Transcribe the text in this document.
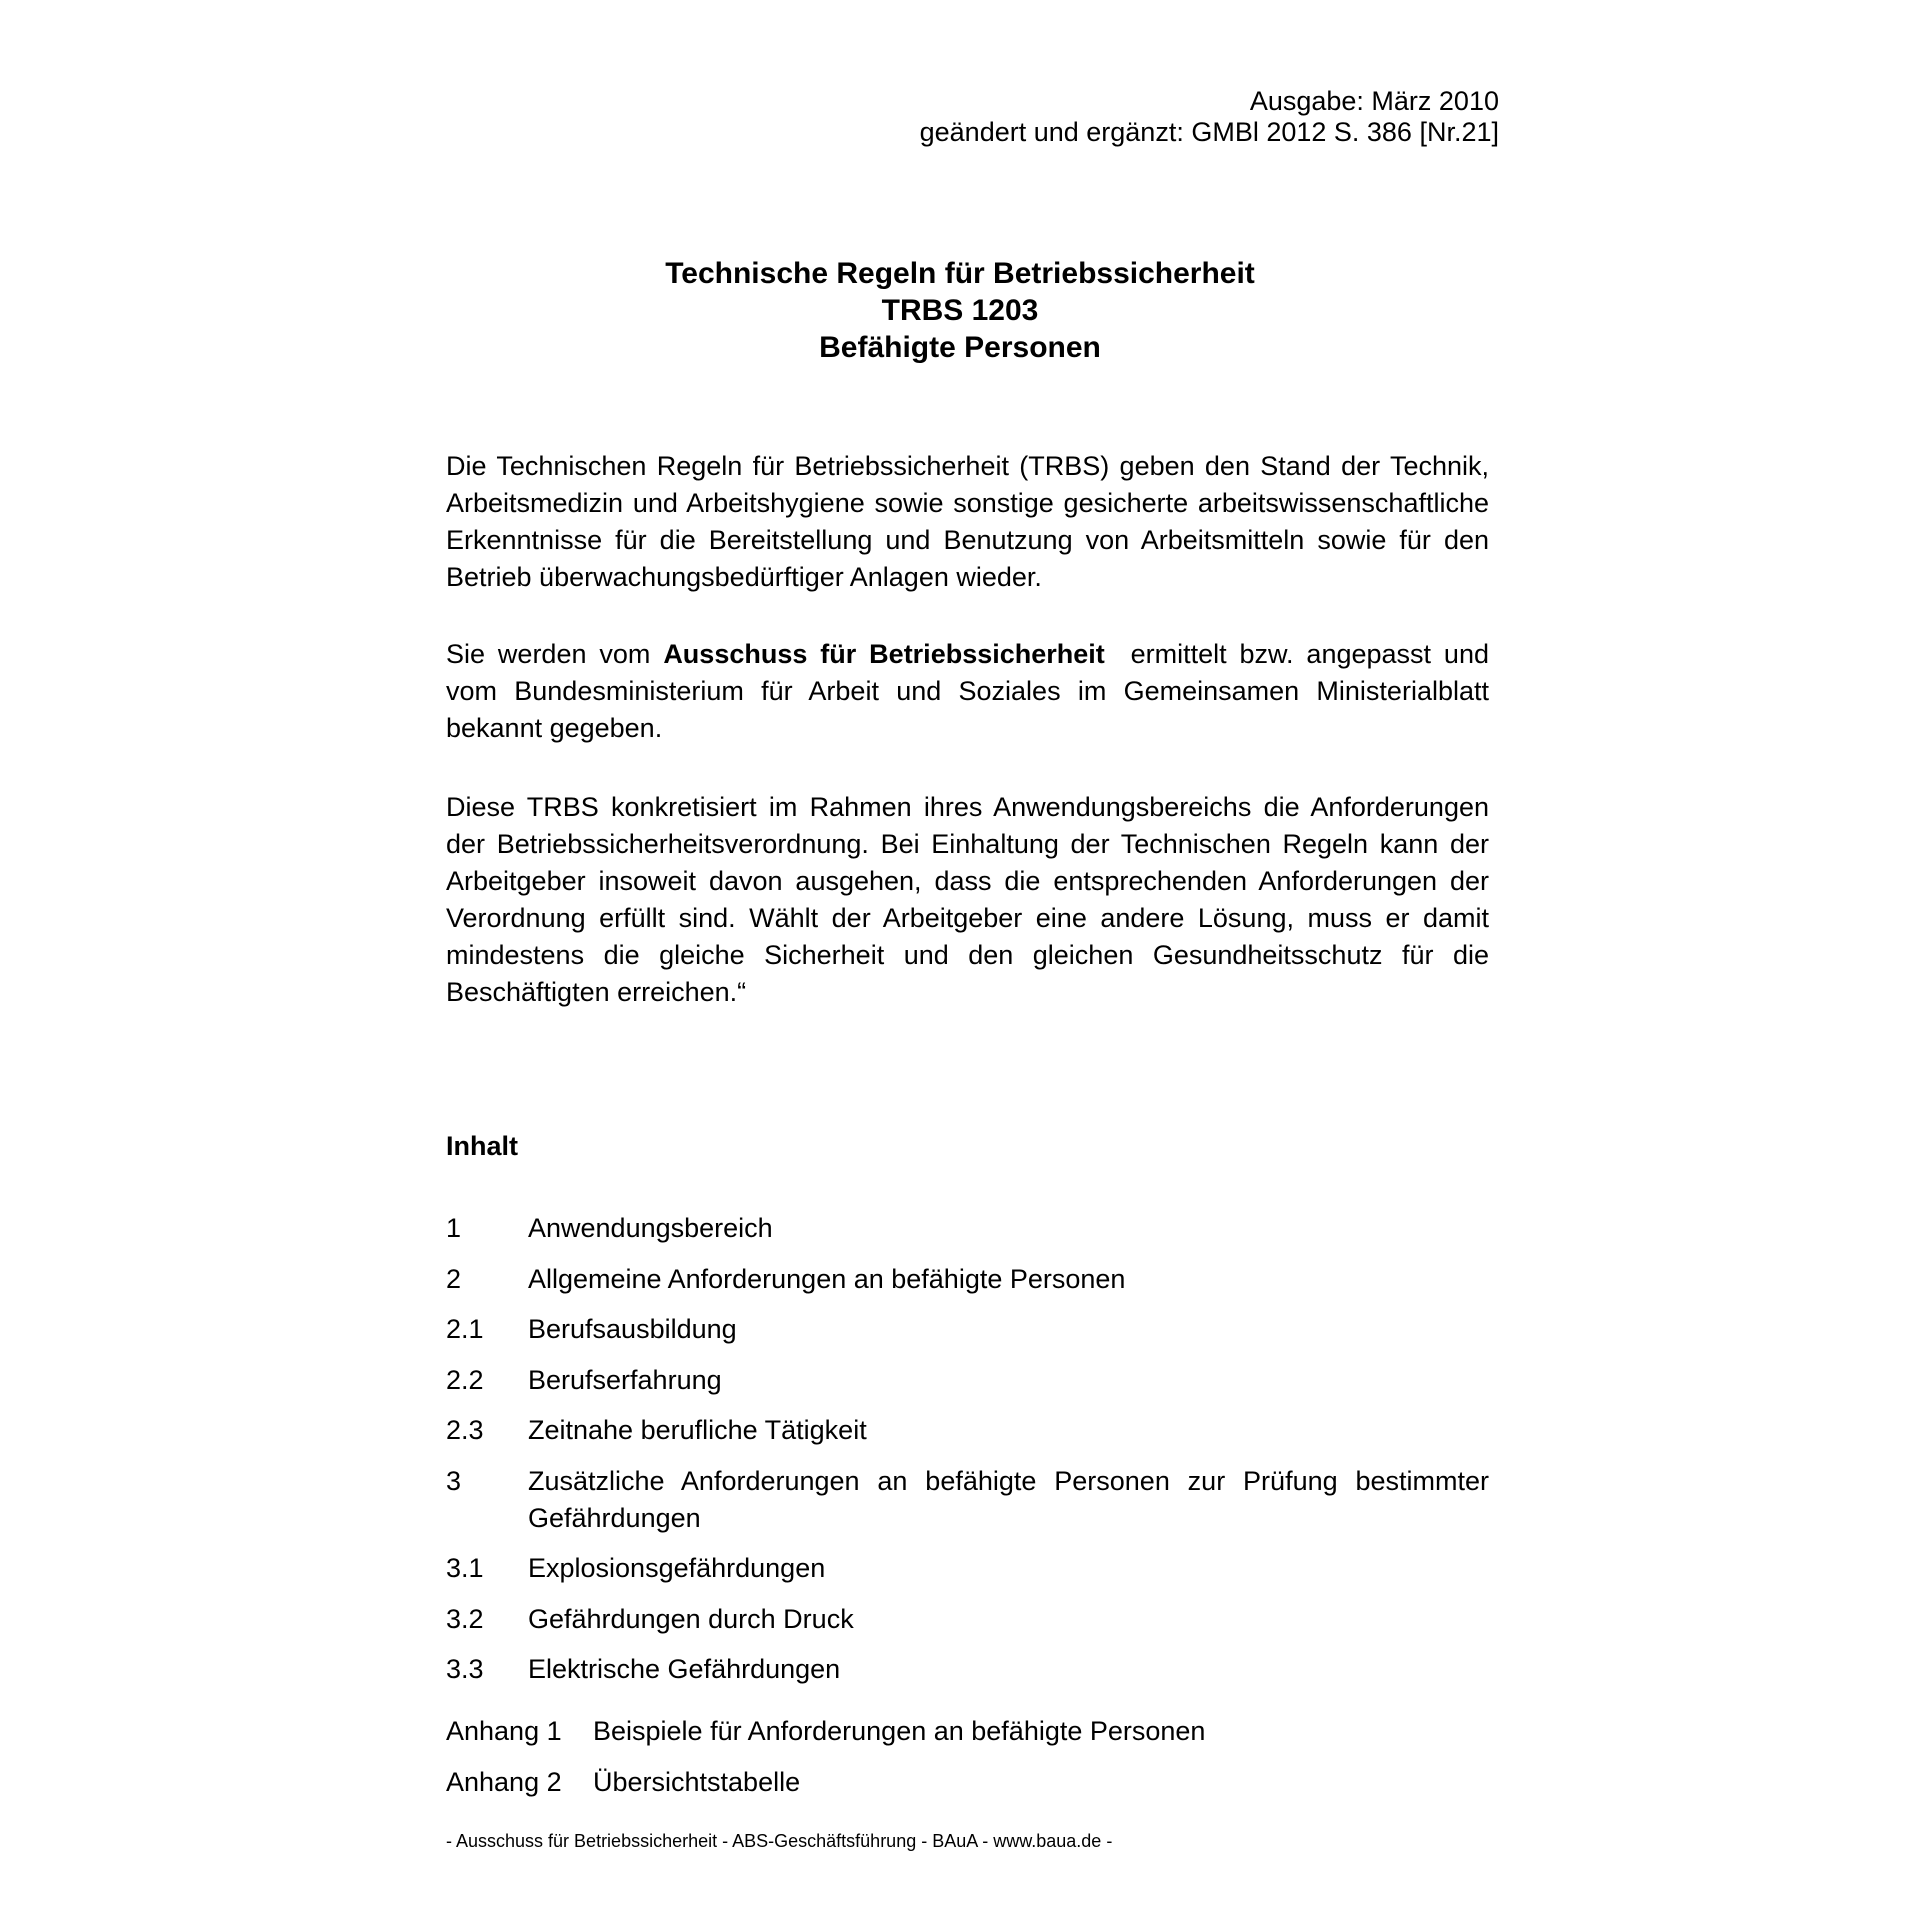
Ausgabe: März 2010
geändert und ergänzt: GMBl 2012 S. 386 [Nr.21]
Technische Regeln für Betriebssicherheit
TRBS 1203
Befähigte Personen

Die Technischen Regeln für Betriebssicherheit (TRBS) geben den Stand der Technik, Arbeitsmedizin und Arbeitshygiene sowie sonstige gesicherte arbeitswissenschaftliche Erkenntnisse für die Bereitstellung und Benutzung von Arbeitsmitteln sowie für den Betrieb überwachungsbedürftiger Anlagen wieder.

Sie werden vom Ausschuss für Betriebssicherheit  ermittelt bzw. angepasst und vom Bundesministerium für Arbeit und Soziales im Gemeinsamen Ministerialblatt bekannt gegeben.

Diese TRBS konkretisiert im Rahmen ihres Anwendungsbereichs die Anforderungen der Betriebssicherheitsverordnung. Bei Einhaltung der Technischen Regeln kann der Arbeitgeber insoweit davon ausgehen, dass die entsprechenden Anforderungen der Verordnung erfüllt sind. Wählt der Arbeitgeber eine andere Lösung, muss er damit mindestens die gleiche Sicherheit und den gleichen Gesundheitsschutz für die Beschäftigten erreichen.“

Inhalt
1	Anwendungsbereich
2	Allgemeine Anforderungen an befähigte Personen
2.1	Berufsausbildung
2.2	Berufserfahrung
2.3	Zeitnahe berufliche Tätigkeit
3	Zusätzliche Anforderungen an befähigte Personen zur Prüfung bestimmter Gefährdungen
3.1	Explosionsgefährdungen
3.2	Gefährdungen durch Druck
3.3	Elektrische Gefährdungen
Anhang 1	Beispiele für Anforderungen an befähigte Personen
Anhang 2	Übersichtstabelle
- Ausschuss für Betriebssicherheit - ABS-Geschäftsführung - BAuA - www.baua.de -
